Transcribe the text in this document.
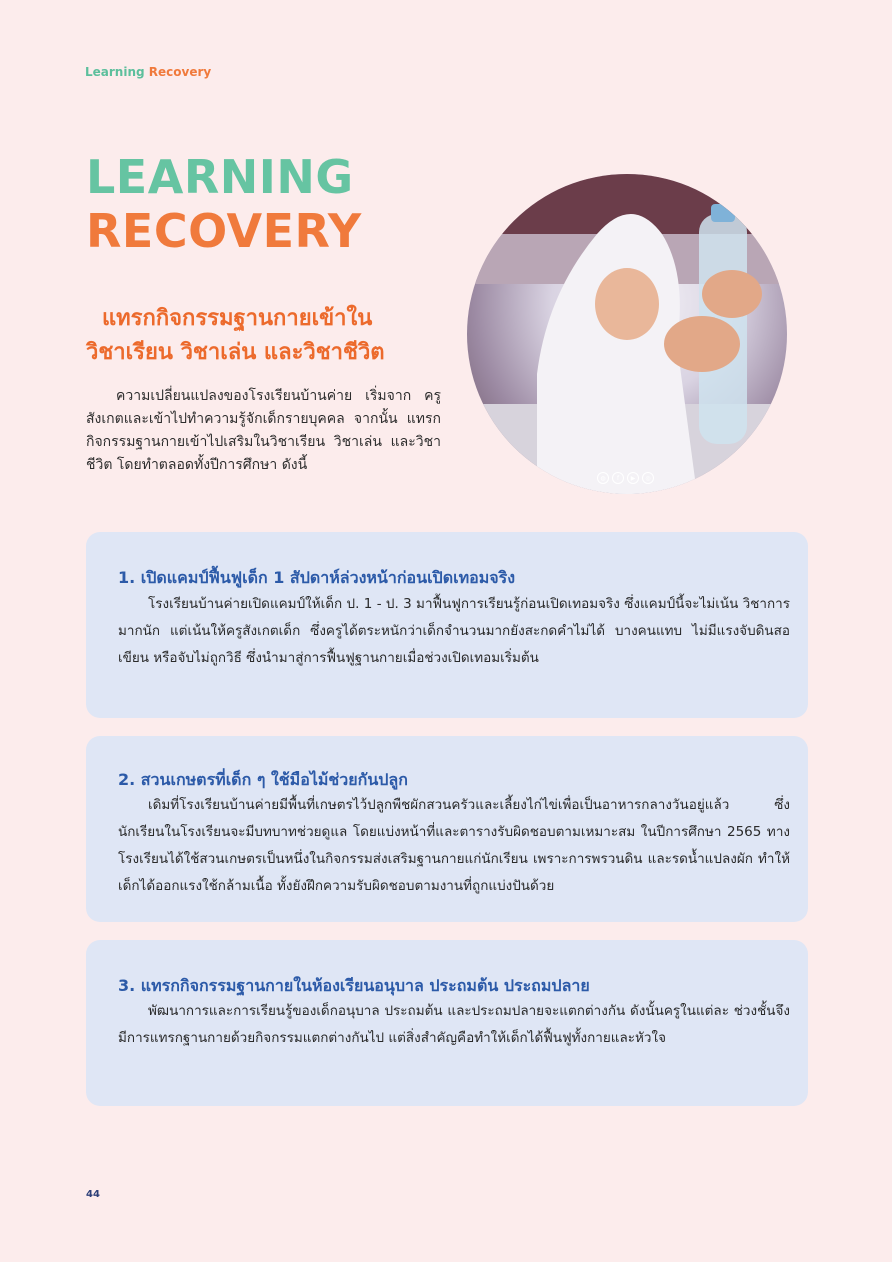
Learning Recovery
LEARNING
RECOVERY
แทรกกิจกรรมฐานกายเข้าใน
วิชาเรียน วิชาเล่น และวิชาชีวิต
ความเปลี่ยนแปลงของโรงเรียนบ้านค่าย เริ่มจาก ครูสังเกตและเข้าไปทำความรู้จักเด็กรายบุคคล จากนั้น แทรกกิจกรรมฐานกายเข้าไปเสริมในวิชาเรียน วิชาเล่น และวิชาชีวิต โดยทำตลอดทั้งปีการศึกษา ดังนี้
◍	f	▶	◎
1. เปิดแคมป์ฟื้นฟูเด็ก 1 สัปดาห์ล่วงหน้าก่อนเปิดเทอมจริง

โรงเรียนบ้านค่ายเปิดแคมป์ให้เด็ก ป. 1 - ป. 3 มาฟื้นฟูการเรียนรู้ก่อนเปิดเทอมจริง ซึ่งแคมป์นี้จะไม่เน้น วิชาการมากนัก แต่เน้นให้ครูสังเกตเด็ก ซึ่งครูได้ตระหนักว่าเด็กจำนวนมากยังสะกดคำไม่ได้ บางคนแทบ ไม่มีแรงจับดินสอเขียน หรือจับไม่ถูกวิธี ซึ่งนำมาสู่การฟื้นฟูฐานกายเมื่อช่วงเปิดเทอมเริ่มต้น

2. สวนเกษตรที่เด็ก ๆ ใช้มือไม้ช่วยกันปลูก

เดิมที่โรงเรียนบ้านค่ายมีพื้นที่เกษตรไว้ปลูกพืชผักสวนครัวและเลี้ยงไก่ไข่เพื่อเป็นอาหารกลางวันอยู่แล้ว ซึ่งนักเรียนในโรงเรียนจะมีบทบาทช่วยดูแล โดยแบ่งหน้าที่และตารางรับผิดชอบตามเหมาะสม ในปีการศึกษา 2565 ทางโรงเรียนได้ใช้สวนเกษตรเป็นหนึ่งในกิจกรรมส่งเสริมฐานกายแก่นักเรียน เพราะการพรวนดิน และรดน้ำแปลงผัก ทำให้เด็กได้ออกแรงใช้กล้ามเนื้อ ทั้งยังฝึกความรับผิดชอบตามงานที่ถูกแบ่งปันด้วย

3. แทรกกิจกรรมฐานกายในห้องเรียนอนุบาล ประถมต้น ประถมปลาย

พัฒนาการและการเรียนรู้ของเด็กอนุบาล ประถมต้น และประถมปลายจะแตกต่างกัน ดังนั้นครูในแต่ละ ช่วงชั้นจึงมีการแทรกฐานกายด้วยกิจกรรมแตกต่างกันไป แต่สิ่งสำคัญคือทำให้เด็กได้ฟื้นฟูทั้งกายและหัวใจ

44
